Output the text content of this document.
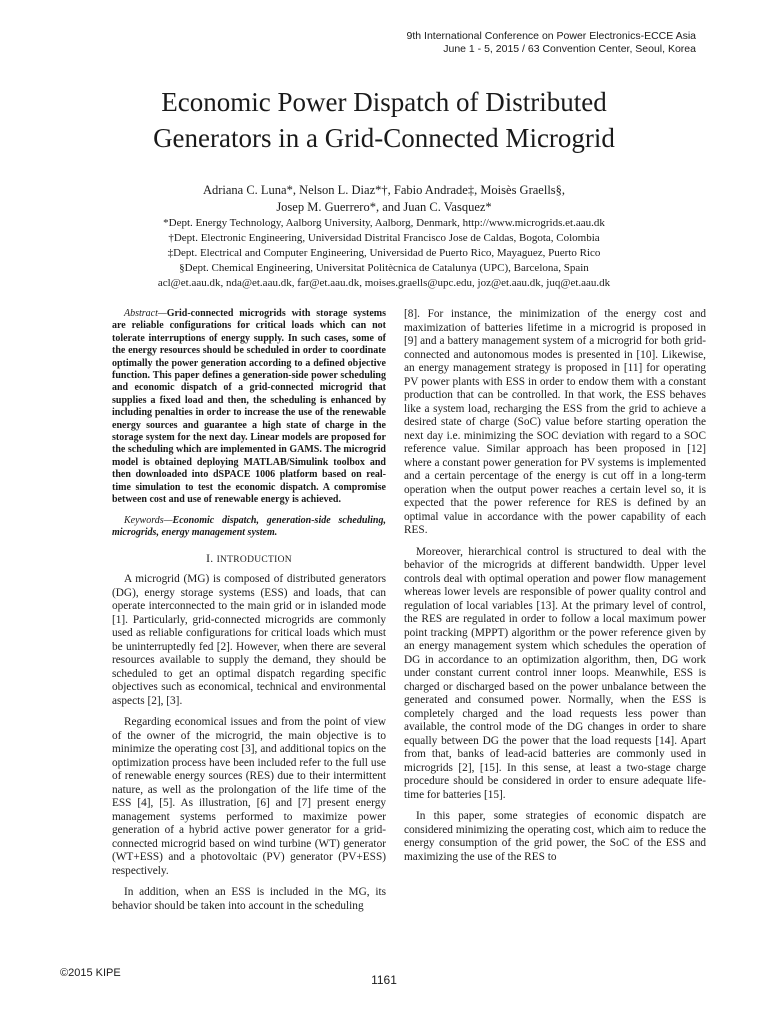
9th International Conference on Power Electronics-ECCE Asia
June 1 - 5, 2015 / 63 Convention Center, Seoul, Korea
Economic Power Dispatch of Distributed
Generators in a Grid-Connected Microgrid
Adriana C. Luna*, Nelson L. Diaz*†, Fabio Andrade‡, Moisès Graells§,
Josep M. Guerrero*, and Juan C. Vasquez*
*Dept. Energy Technology, Aalborg University, Aalborg, Denmark, http://www.microgrids.et.aau.dk
†Dept. Electronic Engineering, Universidad Distrital Francisco Jose de Caldas, Bogota, Colombia
‡Dept. Electrical and Computer Engineering, Universidad de Puerto Rico, Mayaguez, Puerto Rico
§Dept. Chemical Engineering, Universitat Politècnica de Catalunya (UPC), Barcelona, Spain
acl@et.aau.dk, nda@et.aau.dk, far@et.aau.dk, moises.graells@upc.edu, joz@et.aau.dk, juq@et.aau.dk

Abstract—Grid-connected microgrids with storage systems are reliable configurations for critical loads which can not tolerate interruptions of energy supply. In such cases, some of the energy resources should be scheduled in order to coordinate optimally the power generation according to a defined objective function. This paper defines a generation-side power scheduling and economic dispatch of a grid-connected microgrid that supplies a fixed load and then, the scheduling is enhanced by including penalties in order to increase the use of the renewable energy sources and guarantee a high state of charge in the storage system for the next day. Linear models are proposed for the scheduling which are implemented in GAMS. The microgrid model is obtained deploying MATLAB/Simulink toolbox and then downloaded into dSPACE 1006 platform based on real-time simulation to test the economic dispatch. A compromise between cost and use of renewable energy is achieved.

Keywords—Economic dispatch, generation-side scheduling, microgrids, energy management system.

I. INTRODUCTION

A microgrid (MG) is composed of distributed generators (DG), energy storage systems (ESS) and loads, that can operate interconnected to the main grid or in islanded mode [1]. Particularly, grid-connected microgrids are commonly used as reliable configurations for critical loads which must be uninterruptedly fed [2]. However, when there are several resources available to supply the demand, they should be scheduled to get an optimal dispatch regarding specific objectives such as economical, technical and environmental aspects [2], [3].

Regarding economical issues and from the point of view of the owner of the microgrid, the main objective is to minimize the operating cost [3], and additional topics on the optimization process have been included refer to the full use of renewable energy sources (RES) due to their intermittent nature, as well as the prolongation of the life time of the ESS [4], [5]. As illustration, [6] and [7] present energy management systems performed to maximize power generation of a hybrid active power generator for a grid-connected microgrid based on wind turbine (WT) generator (WT+ESS) and a photovoltaic (PV) generator (PV+ESS) respectively.

In addition, when an ESS is included in the MG, its behavior should be taken into account in the scheduling

[8]. For instance, the minimization of the energy cost and maximization of batteries lifetime in a microgrid is proposed in [9] and a battery management system of a microgrid for both grid-connected and autonomous modes is presented in [10]. Likewise, an energy management strategy is proposed in [11] for operating PV power plants with ESS in order to endow them with a constant production that can be controlled. In that work, the ESS behaves like a system load, recharging the ESS from the grid to achieve a desired state of charge (SoC) value before starting operation the next day i.e. minimizing the SOC deviation with regard to a SOC reference value. Similar approach has been proposed in [12] where a constant power generation for PV systems is implemented and a certain percentage of the energy is cut off in a long-term operation when the output power reaches a certain level so, it is expected that the power reference for RES is defined by an optimal value in accordance with the power capability of each RES.

Moreover, hierarchical control is structured to deal with the behavior of the microgrids at different bandwidth. Upper level controls deal with optimal operation and power flow management whereas lower levels are responsible of power quality control and regulation of local variables [13]. At the primary level of control, the RES are regulated in order to follow a local maximum power point tracking (MPPT) algorithm or the power reference given by an energy management system which schedules the operation of DG in accordance to an optimization algorithm, then, DG work under constant current control inner loops. Meanwhile, ESS is charged or discharged based on the power unbalance between the generated and consumed power. Normally, when the ESS is completely charged and the load requests less power than available, the control mode of the DG changes in order to share equally between DG the power that the load requests [14]. Apart from that, banks of lead-acid batteries are commonly used in microgrids [2], [15]. In this sense, at least a two-stage charge procedure should be considered in order to ensure adequate life-time for batteries [15].

In this paper, some strategies of economic dispatch are considered minimizing the operating cost, which aim to reduce the energy consumption of the grid power, the SoC of the ESS and maximizing the use of the RES to

©2015 KIPE	1161
